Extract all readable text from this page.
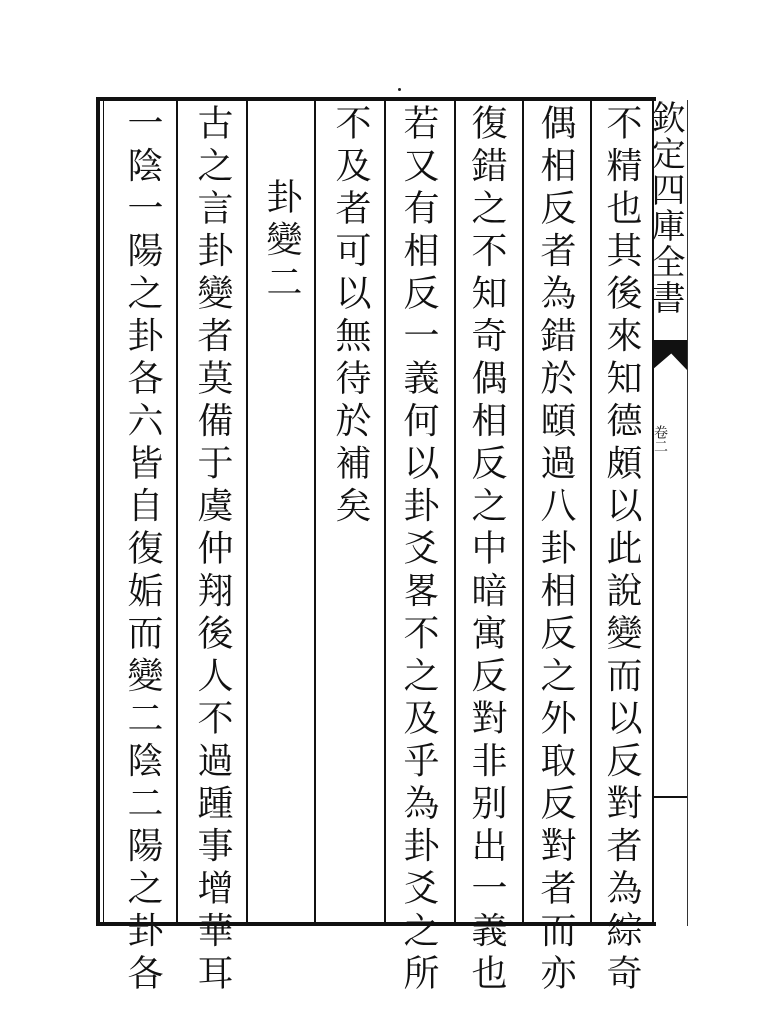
欽定四庫全書
卷二
不精也其後來知德頗以此說變而以反對者為綜奇
偶相反者為錯於頤過八卦相反之外取反對者而亦
復錯之不知奇偶相反之中暗寓反對非别出一義也
若又有相反一義何以卦爻畧不之及乎為卦爻之所
不及者可以無待於補矣
卦變二
古之言卦變者莫備于虞仲翔後人不過踵事增華耳
一陰一陽之卦各六皆自復姤而變二陰二陽之卦各
